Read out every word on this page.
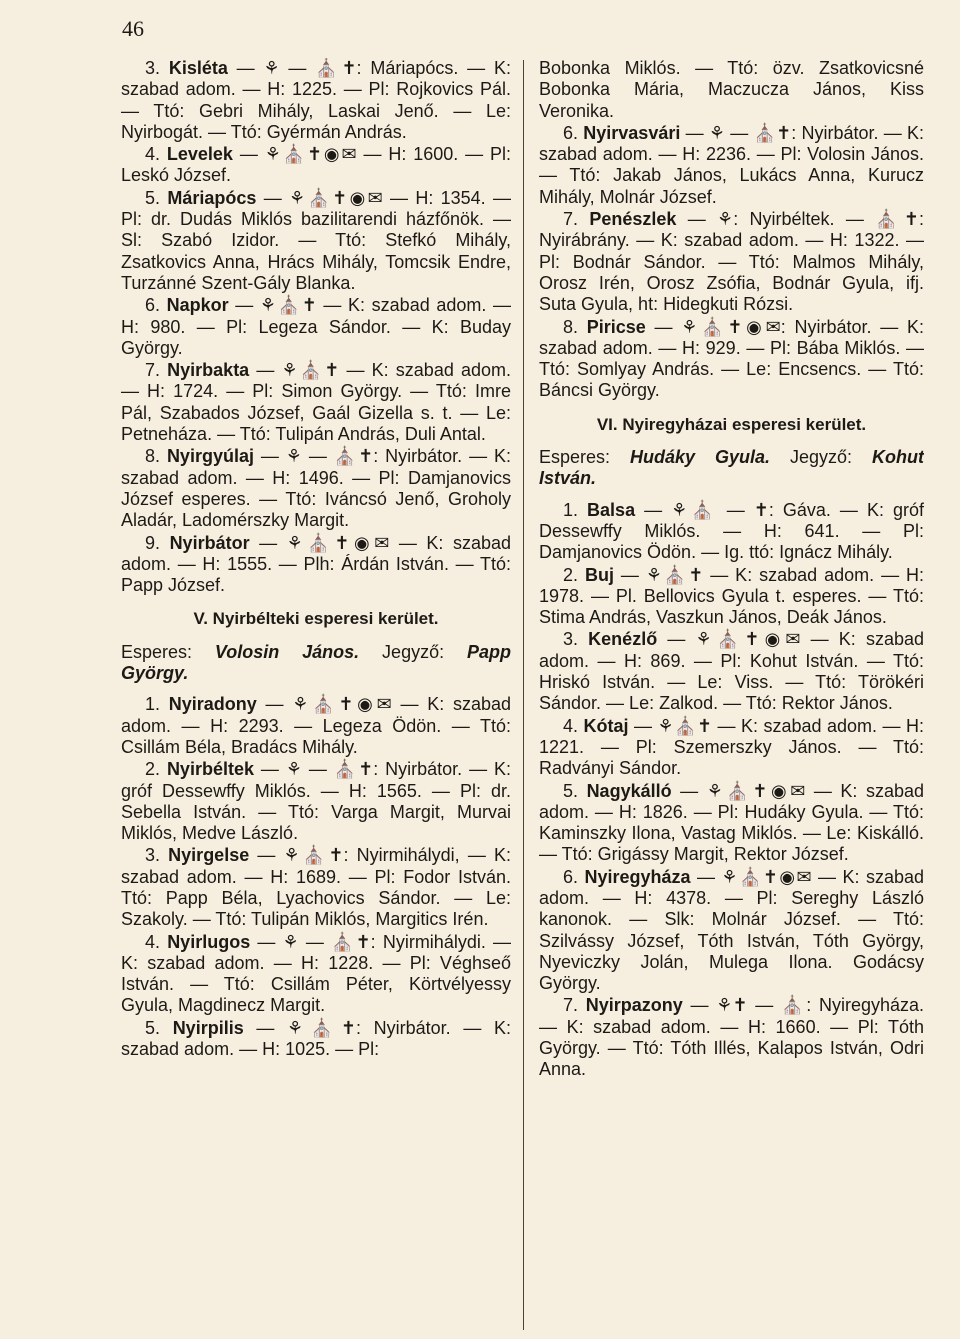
46

3. Kisléta — ⚘ — ⛪✝: Máriapócs. — K: szabad adom. — H: 1225. — Pl: Rojkovics Pál. — Ttó: Gebri Mihály, Laskai Jenő. — Le: Nyirbogát. — Ttó: Gyérmán András.

4. Levelek — ⚘⛪✝◉✉ — H: 1600. — Pl: Leskó József.

5. Máriapócs — ⚘⛪✝◉✉ — H: 1354. — Pl: dr. Dudás Miklós bazilitarendi házfőnök. — Sl: Szabó Izidor. — Ttó: Stefkó Mihály, Zsatkovics Anna, Hrács Mihály, Tomcsik Endre, Turzánné Szent-Gály Blanka.

6. Napkor — ⚘⛪✝ — K: szabad adom. — H: 980. — Pl: Legeza Sándor. — K: Buday György.

7. Nyirbakta — ⚘⛪✝ — K: szabad adom. — H: 1724. — Pl: Simon György. — Ttó: Imre Pál, Szabados József, Gaál Gizella s. t. — Le: Petneháza. — Ttó: Tulipán András, Duli Antal.

8. Nyirgyúlaj — ⚘ — ⛪✝: Nyirbátor. — K: szabad adom. — H: 1496. — Pl: Damjanovics József esperes. — Ttó: Iváncsó Jenő, Groholy Aladár, Ladomérszky Margit.

9. Nyirbátor — ⚘⛪✝◉✉ — K: szabad adom. — H: 1555. — Plh: Árdán István. — Ttó: Papp József.

V. Nyirbélteki esperesi kerület.

Esperes: Volosin János. Jegyző: Papp György.

1. Nyiradony — ⚘⛪✝◉✉ — K: szabad adom. — H: 2293. — Legeza Ödön. — Ttó: Csillám Béla, Bradács Mihály.

2. Nyirbéltek — ⚘ — ⛪✝: Nyirbátor. — K: gróf Dessewffy Miklós. — H: 1565. — Pl: dr. Sebella István. — Ttó: Varga Margit, Murvai Miklós, Medve László.

3. Nyirgelse — ⚘⛪✝: Nyirmihálydi, — K: szabad adom. — H: 1689. — Pl: Fodor István. Ttó: Papp Béla, Lyachovics Sándor. — Le: Szakoly. — Ttó: Tulipán Miklós, Margitics Irén.

4. Nyirlugos — ⚘ — ⛪✝: Nyirmihálydi. — K: szabad adom. — H: 1228. — Pl: Véghseő István. — Ttó: Csillám Péter, Körtvélyessy Gyula, Magdinecz Margit.

5. Nyirpilis — ⚘⛪✝: Nyirbátor. — K: szabad adom. — H: 1025. — Pl:

Bobonka Miklós. — Ttó: özv. Zsatkovicsné Bobonka Mária, Maczucza János, Kiss Veronika.

6. Nyirvasvári — ⚘ — ⛪✝: Nyirbátor. — K: szabad adom. — H: 2236. — Pl: Volosin János. — Ttó: Jakab János, Lukács Anna, Kurucz Mihály, Molnár József.

7. Penészlek — ⚘: Nyirbéltek. — ⛪✝: Nyirábrány. — K: szabad adom. — H: 1322. — Pl: Bodnár Sándor. — Ttó: Malmos Mihály, Orosz Irén, Orosz Zsófia, Bodnár Gyula, ifj. Suta Gyula, ht: Hidegkuti Rózsi.

8. Piricse — ⚘⛪✝◉✉: Nyirbátor. — K: szabad adom. — H: 929. — Pl: Bába Miklós. — Ttó: Somlyay András. — Le: Encsencs. — Ttó: Báncsi György.

VI. Nyiregyházai esperesi kerület.

Esperes: Hudáky Gyula. Jegyző: Kohut István.

1. Balsa — ⚘⛪ — ✝: Gáva. — K: gróf Dessewffy Miklós. — H: 641. — Pl: Damjanovics Ödön. — Ig. ttó: Ignácz Mihály.

2. Buj — ⚘⛪✝ — K: szabad adom. — H: 1978. — Pl. Bellovics Gyula t. esperes. — Ttó: Stima András, Vaszkun János, Deák János.

3. Kenézlő — ⚘⛪✝◉✉ — K: szabad adom. — H: 869. — Pl: Kohut István. — Ttó: Hriskó István. — Le: Viss. — Ttó: Törökéri Sándor. — Le: Zalkod. — Ttó: Rektor János.

4. Kótaj — ⚘⛪✝ — K: szabad adom. — H: 1221. — Pl: Szemerszky János. — Ttó: Radványi Sándor.

5. Nagykálló — ⚘⛪✝◉✉ — K: szabad adom. — H: 1826. — Pl: Hudáky Gyula. — Ttó: Kaminszky Ilona, Vastag Miklós. — Le: Kiskálló. — Ttó: Grigássy Margit, Rektor József.

6. Nyiregyháza — ⚘⛪✝◉✉ — K: szabad adom. — H: 4378. — Pl: Sereghy László kanonok. — Slk: Molnár József. — Ttó: Szilvássy József, Tóth István, Tóth György, Nyeviczky Jolán, Mulega Ilona. Godácsy György.

7. Nyirpazony — ⚘✝ — ⛪: Nyiregyháza. — K: szabad adom. — H: 1660. — Pl: Tóth György. — Ttó: Tóth Illés, Kalapos István, Odri Anna.
